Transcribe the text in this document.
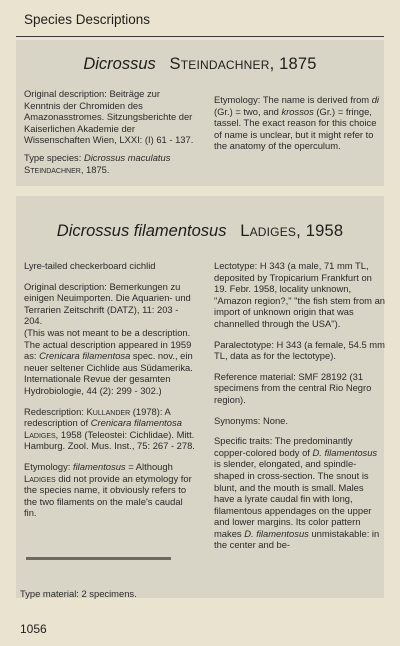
Species Descriptions
Dicrossus Steindachner, 1875

Original description: Beiträge zur Kenntnis der Chromiden des Amazonasstromes. Sitzungsberichte der Kaiserlichen Akademie der Wissenschaften Wien, LXXI: (I) 61 - 137.

Type species: Dicrossus maculatus Steindachner, 1875.

Etymology: The name is derived from di (Gr.) = two, and krossos (Gr.) = fringe, tassel. The exact reason for this choice of name is unclear, but it might refer to the anatomy of the operculum.

Dicrossus filamentosus Ladiges, 1958

Lyre-tailed checkerboard cichlid

Original description: Bemerkungen zu einigen Neuimporten. Die Aquarien- und Terrarien Zeitschrift (DATZ), 11: 203 - 204.

(This was not meant to be a description. The actual description appeared in 1959 as: Crenicara filamentosa spec. nov., ein neuer seltener Cichlide aus Südamerika. Internationale Revue der gesamten Hydrobiologie, 44 (2): 299 - 302.)

Redescription: Kullander (1978): A redescription of Crenicara filamentosa Ladiges, 1958 (Teleostei: Cichlidae). Mitt. Hamburg. Zool. Mus. Inst., 75: 267 - 278.

Etymology: filamentosus = Although Ladiges did not provide an etymology for the species name, it obviously refers to the two filaments on the male's caudal fin.

Lectotype: H 343 (a male, 71 mm TL, deposited by Tropicarium Frankfurt on 19. Febr. 1958, locality unknown, "Amazon region?," "the fish stem from an import of unknown origin that was channelled through the USA").

Paralectotype: H 343 (a female, 54.5 mm TL, data as for the lectotype).

Reference material: SMF 28192 (31 specimens from the central Rio Negro region).

Synonyms: None.

Specific traits: The predominantly copper-colored body of D. filamentosus is slender, elongated, and spindle-shaped in cross-section. The snout is blunt, and the mouth is small. Males have a lyrate caudal fin with long, filamentous appendages on the upper and lower margins. Its color pattern makes D. filamentosus unmistakable: in the center and be-

Type material: 2 specimens.
1056
